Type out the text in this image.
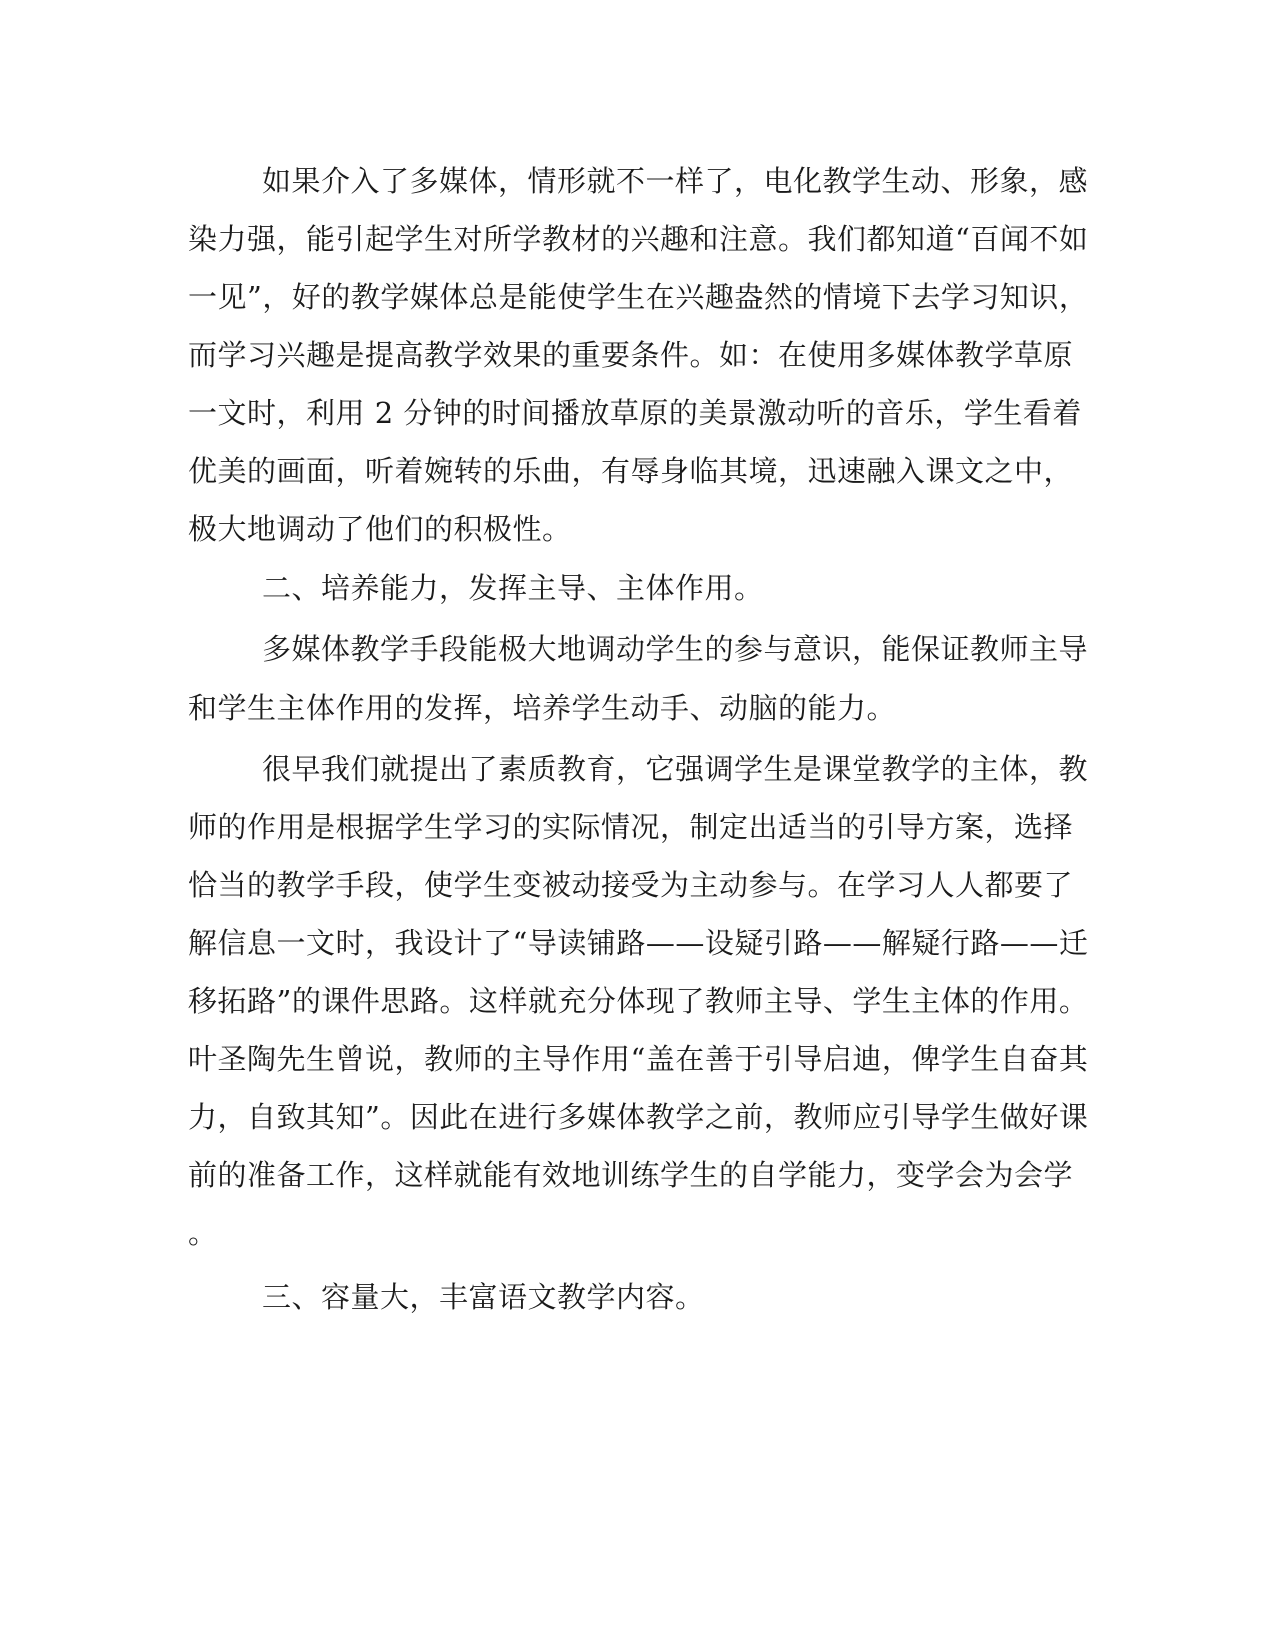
如果介入了多媒体，情形就不一样了，电化教学生动、形象，感
染力强，能引起学生对所学教材的兴趣和注意。我们都知道“百闻不如
一见”，好的教学媒体总是能使学生在兴趣盎然的情境下去学习知识，
而学习兴趣是提高教学效果的重要条件。如：在使用多媒体教学草原
一文时，利用 2 分钟的时间播放草原的美景激动听的音乐，学生看着
优美的画面，听着婉转的乐曲，有辱身临其境，迅速融入课文之中，
极大地调动了他们的积极性。
二、培养能力，发挥主导、主体作用。
多媒体教学手段能极大地调动学生的参与意识，能保证教师主导
和学生主体作用的发挥，培养学生动手、动脑的能力。
很早我们就提出了素质教育，它强调学生是课堂教学的主体，教
师的作用是根据学生学习的实际情况，制定出适当的引导方案，选择
恰当的教学手段，使学生变被动接受为主动参与。在学习人人都要了
解信息一文时，我设计了“导读铺路——设疑引路——解疑行路——迁
移拓路”的课件思路。这样就充分体现了教师主导、学生主体的作用。
叶圣陶先生曾说，教师的主导作用“盖在善于引导启迪，俾学生自奋其
力，自致其知”。因此在进行多媒体教学之前，教师应引导学生做好课
前的准备工作，这样就能有效地训练学生的自学能力，变学会为会学
。
三、容量大，丰富语文教学内容。
